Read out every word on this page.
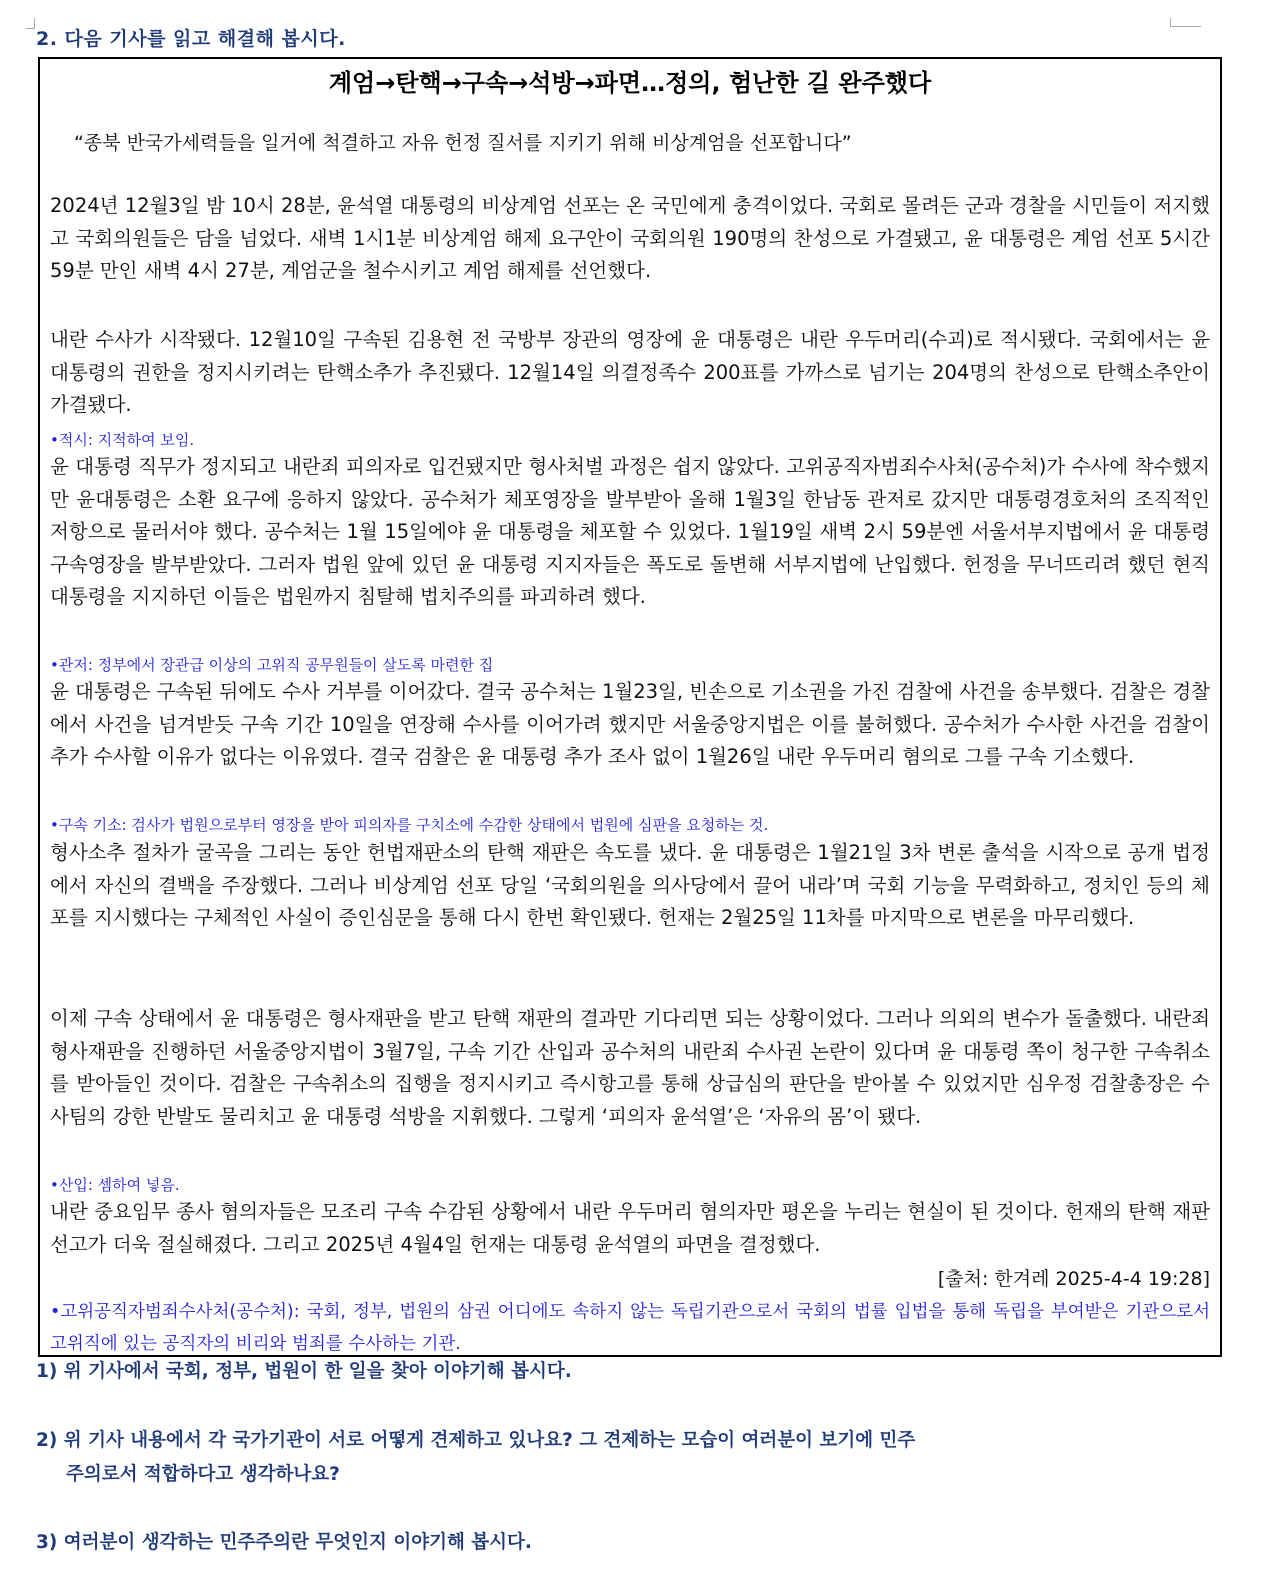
2. 다음 기사를 읽고 해결해 봅시다.
계엄→탄핵→구속→석방→파면…정의, 험난한 길 완주했다
“종북 반국가세력들을 일거에 척결하고 자유 헌정 질서를 지키기 위해 비상계엄을 선포합니다”
2024년 12월3일 밤 10시 28분, 윤석열 대통령의 비상계엄 선포는 온 국민에게 충격이었다. 국회로 몰려든 군과 경찰을 시민들이 저지했고 국회의원들은 담을 넘었다. 새벽 1시1분 비상계엄 해제 요구안이 국회의원 190명의 찬성으로 가결됐고, 윤 대통령은 계엄 선포 5시간 59분 만인 새벽 4시 27분, 계엄군을 철수시키고 계엄 해제를 선언했다.
내란 수사가 시작됐다. 12월10일 구속된 김용현 전 국방부 장관의 영장에 윤 대통령은 내란 우두머리(수괴)로 적시됐다. 국회에서는 윤 대통령의 권한을 정지시키려는 탄핵소추가 추진됐다. 12월14일 의결정족수 200표를 가까스로 넘기는 204명의 찬성으로 탄핵소추안이 가결됐다.
•적시: 지적하여 보임.
윤 대통령 직무가 정지되고 내란죄 피의자로 입건됐지만 형사처벌 과정은 쉽지 않았다. 고위공직자범죄수사처(공수처)가 수사에 착수했지만 윤대통령은 소환 요구에 응하지 않았다. 공수처가 체포영장을 발부받아 올해 1월3일 한남동 관저로 갔지만 대통령경호처의 조직적인 저항으로 물러서야 했다. 공수처는 1월 15일에야 윤 대통령을 체포할 수 있었다. 1월19일 새벽 2시 59분엔 서울서부지법에서 윤 대통령 구속영장을 발부받았다. 그러자 법원 앞에 있던 윤 대통령 지지자들은 폭도로 돌변해 서부지법에 난입했다. 헌정을 무너뜨리려 했던 현직 대통령을 지지하던 이들은 법원까지 침탈해 법치주의를 파괴하려 했다.
•관저: 정부에서 장관급 이상의 고위직 공무원들이 살도록 마련한 집
윤 대통령은 구속된 뒤에도 수사 거부를 이어갔다. 결국 공수처는 1월23일, 빈손으로 기소권을 가진 검찰에 사건을 송부했다. 검찰은 경찰에서 사건을 넘겨받듯 구속 기간 10일을 연장해 수사를 이어가려 했지만 서울중앙지법은 이를 불허했다. 공수처가 수사한 사건을 검찰이 추가 수사할 이유가 없다는 이유였다. 결국 검찰은 윤 대통령 추가 조사 없이 1월26일 내란 우두머리 혐의로 그를 구속 기소했다.
•구속 기소: 검사가 법원으로부터 영장을 받아 피의자를 구치소에 수감한 상태에서 법원에 심판을 요청하는 것.
형사소추 절차가 굴곡을 그리는 동안 헌법재판소의 탄핵 재판은 속도를 냈다. 윤 대통령은 1월21일 3차 변론 출석을 시작으로 공개 법정에서 자신의 결백을 주장했다. 그러나 비상계엄 선포 당일 ‘국회의원을 의사당에서 끌어 내라’며 국회 기능을 무력화하고, 정치인 등의 체포를 지시했다는 구체적인 사실이 증인심문을 통해 다시 한번 확인됐다. 헌재는 2월25일 11차를 마지막으로 변론을 마무리했다.
이제 구속 상태에서 윤 대통령은 형사재판을 받고 탄핵 재판의 결과만 기다리면 되는 상황이었다. 그러나 의외의 변수가 돌출했다. 내란죄 형사재판을 진행하던 서울중앙지법이 3월7일, 구속 기간 산입과 공수처의 내란죄 수사권 논란이 있다며 윤 대통령 쪽이 청구한 구속취소를 받아들인 것이다. 검찰은 구속취소의 집행을 정지시키고 즉시항고를 통해 상급심의 판단을 받아볼 수 있었지만 심우정 검찰총장은 수사팀의 강한 반발도 물리치고 윤 대통령 석방을 지휘했다. 그렇게 ‘피의자 윤석열’은 ‘자유의 몸’이 됐다.
•산입: 셈하여 넣음.
내란 중요임무 종사 혐의자들은 모조리 구속 수감된 상황에서 내란 우두머리 혐의자만 평온을 누리는 현실이 된 것이다. 헌재의 탄핵 재판 선고가 더욱 절실해졌다. 그리고 2025년 4월4일 헌재는 대통령 윤석열의 파면을 결정했다.
[출처: 한겨레 2025-4-4 19:28]
•고위공직자범죄수사처(공수처): 국회, 정부, 법원의 삼권 어디에도 속하지 않는 독립기관으로서 국회의 법률 입법을 통해 독립을 부여받은 기관으로서 고위직에 있는 공직자의 비리와 범죄를 수사하는 기관.
1) 위 기사에서 국회, 정부, 법원이 한 일을 찾아 이야기해 봅시다.
2) 위 기사 내용에서 각 국가기관이 서로 어떻게 견제하고 있나요? 그 견제하는 모습이 여러분이 보기에 민주
주의로서 적합하다고 생각하나요?
3) 여러분이 생각하는 민주주의란 무엇인지 이야기해 봅시다.
